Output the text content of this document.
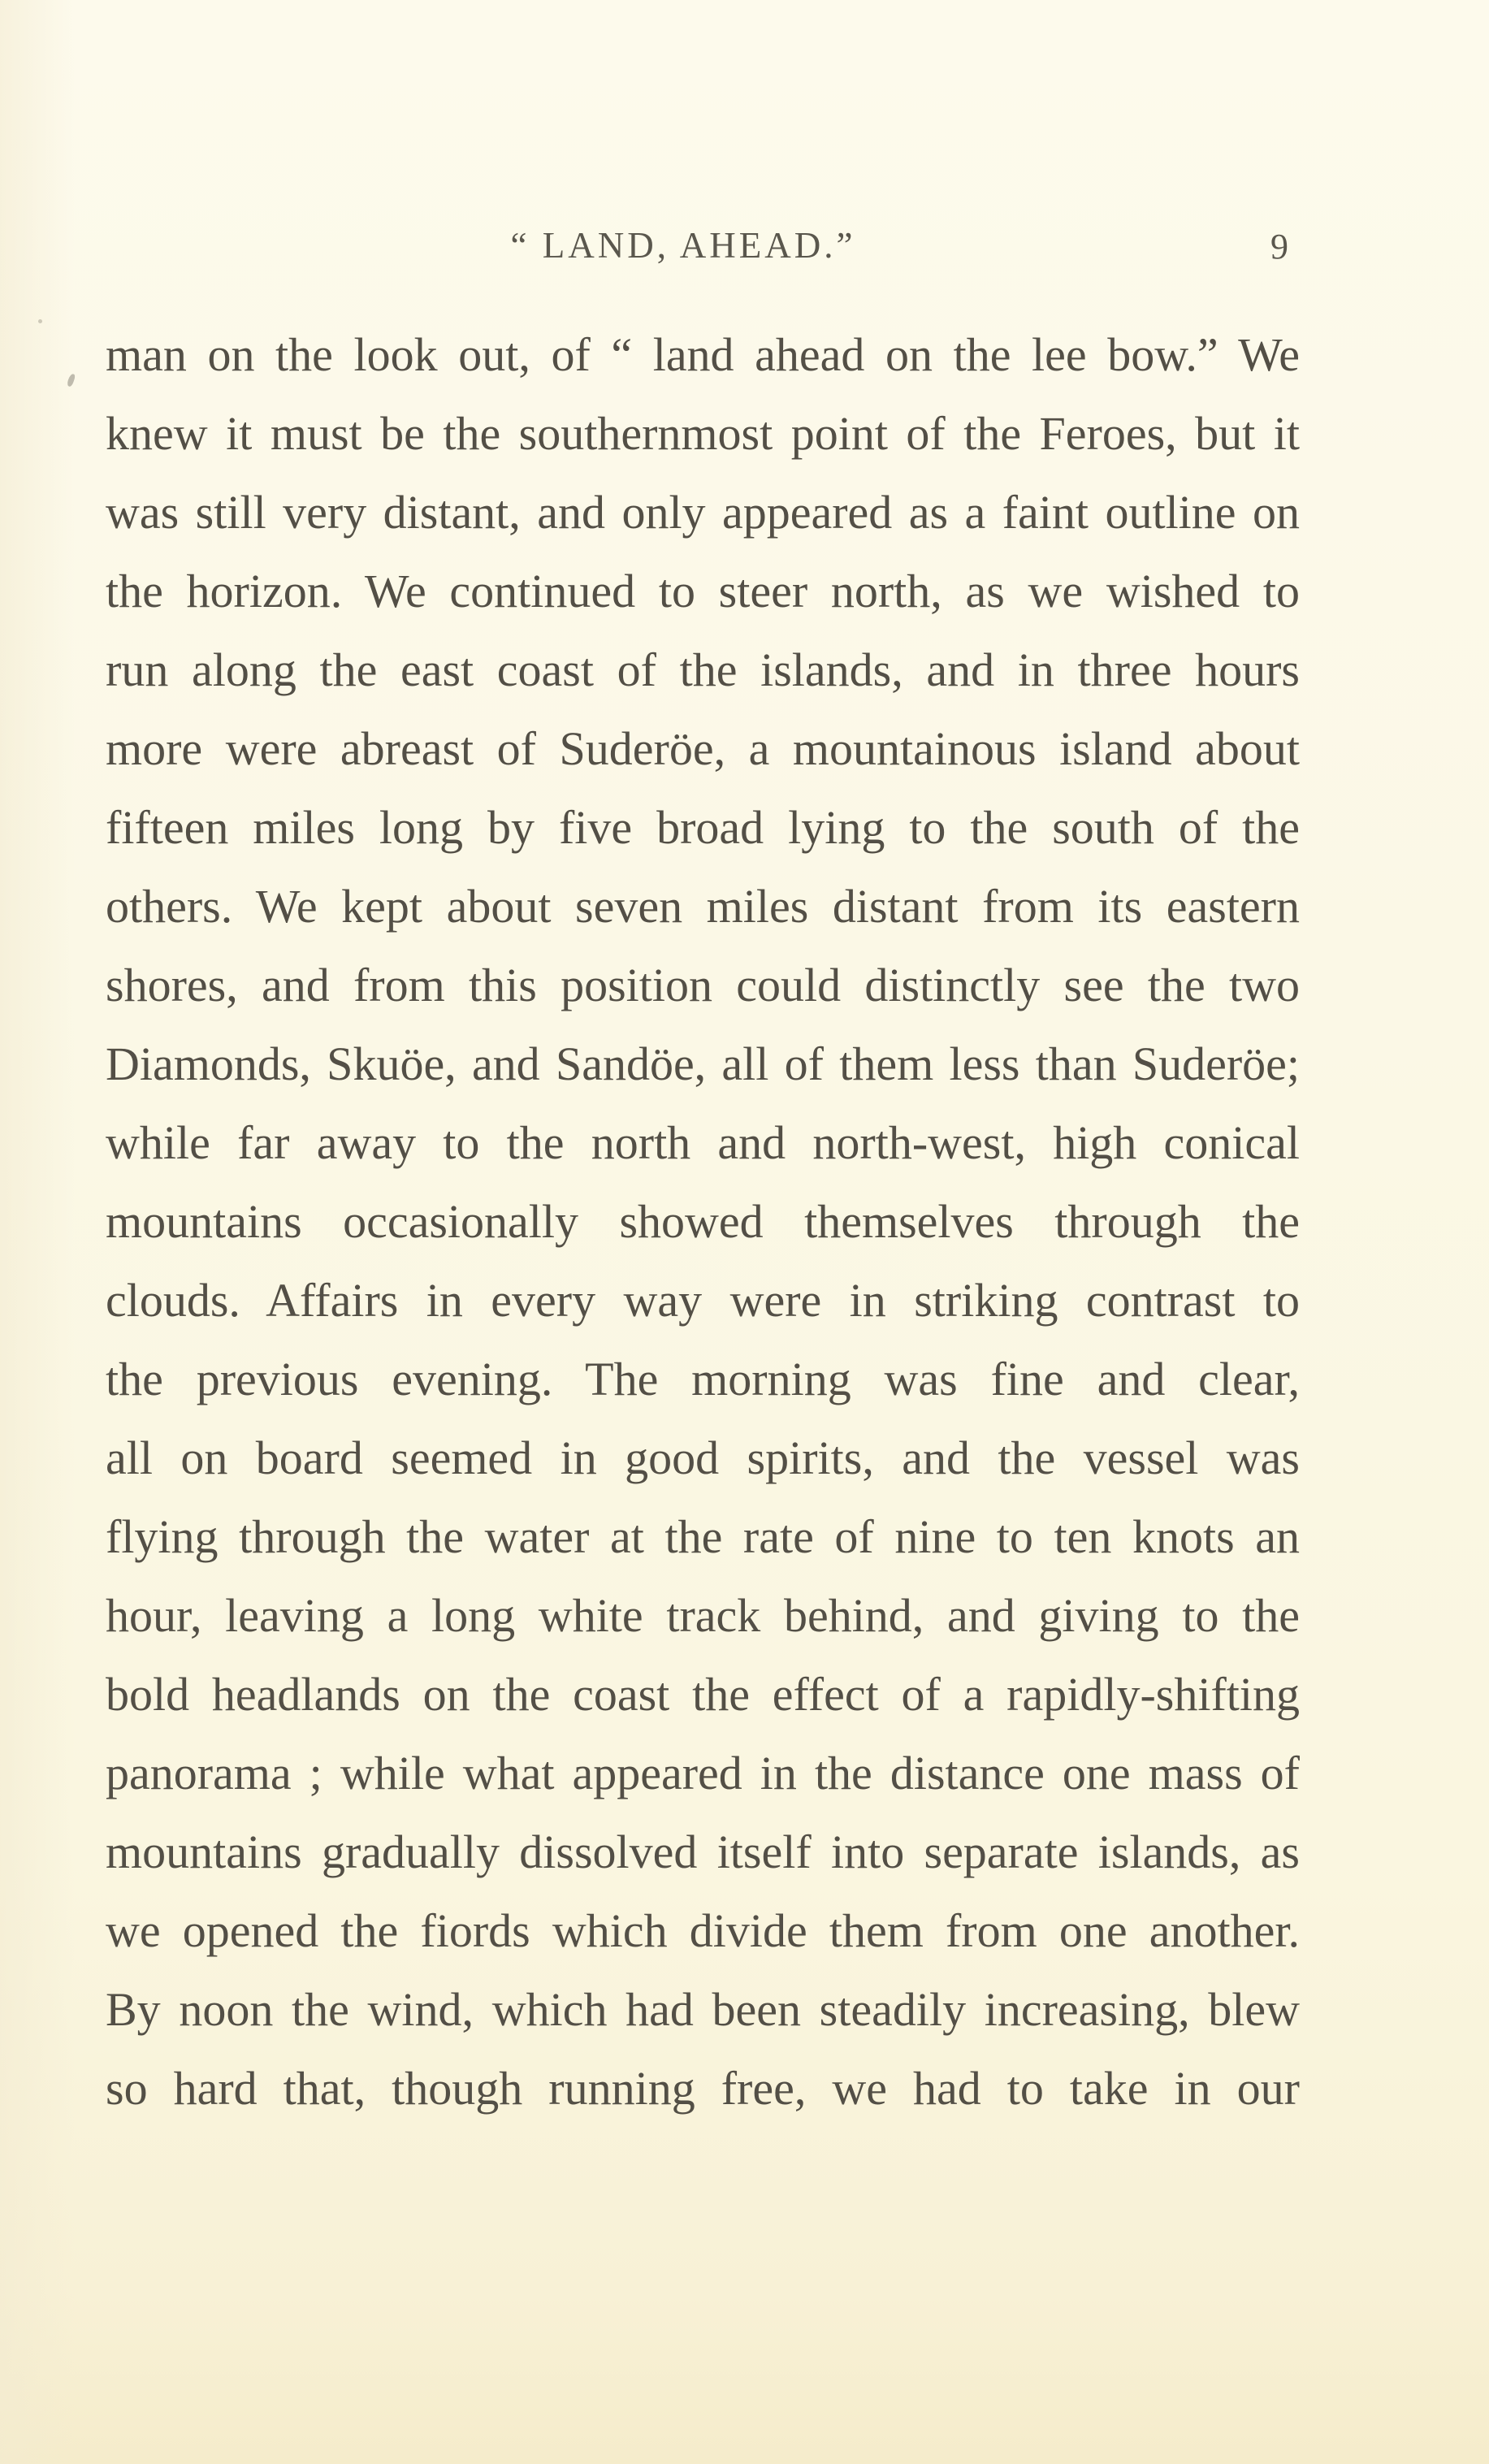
“ LAND, AHEAD.”	9
man on the look out, of “ land ahead on the lee bow.” We
knew it must be the southernmost point of the Feroes, but it
was still very distant, and only appeared as a faint outline on
the horizon. We continued to steer north, as we wished to
run along the east coast of the islands, and in three hours
more were abreast of Suderöe, a mountainous island about
fifteen miles long by five broad lying to the south of the
others. We kept about seven miles distant from its eastern
shores, and from this position could distinctly see the two
Diamonds, Skuöe, and Sandöe, all of them less than Suderöe;
while far away to the north and north-west, high conical
mountains occasionally showed themselves through the
clouds. Affairs in every way were in striking contrast to
the previous evening. The morning was fine and clear,
all on board seemed in good spirits, and the vessel was
flying through the water at the rate of nine to ten knots an
hour, leaving a long white track behind, and giving to the
bold headlands on the coast the effect of a rapidly-shifting
panorama ; while what appeared in the distance one mass of
mountains gradually dissolved itself into separate islands, as
we opened the fiords which divide them from one another.
By noon the wind, which had been steadily increasing, blew
so hard that, though running free, we had to take in our
